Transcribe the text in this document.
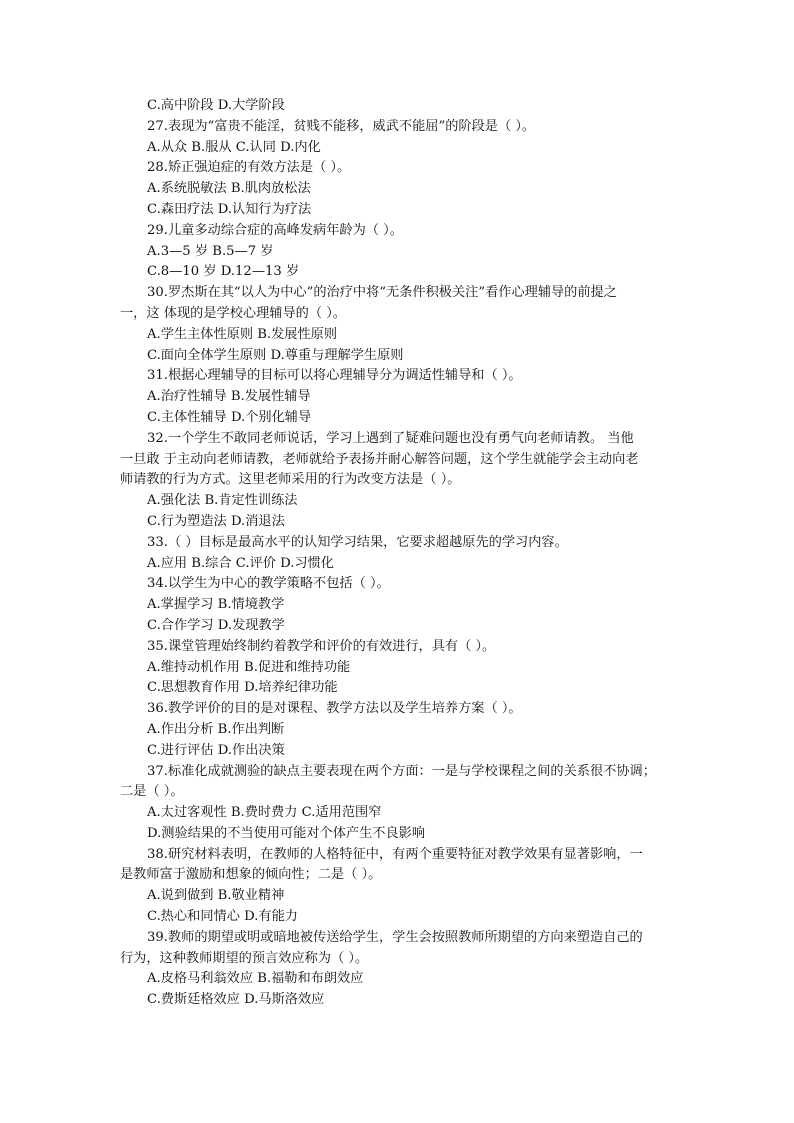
C.高中阶段 D.大学阶段
27.表现为“富贵不能淫，贫贱不能移，威武不能屈”的阶段是（ ）。
A.从众 B.服从 C.认同 D.内化
28.矫正强迫症的有效方法是（ ）。
A.系统脱敏法 B.肌肉放松法
C.森田疗法 D.认知行为疗法
29.儿童多动综合症的高峰发病年龄为（ ）。
A.3—5 岁 B.5—7 岁
C.8—10 岁 D.12—13 岁
30.罗杰斯在其“以人为中心”的治疗中将“无条件积极关注”看作心理辅导的前提之
一，这 体现的是学校心理辅导的（ ）。
A.学生主体性原则 B.发展性原则
C.面向全体学生原则 D.尊重与理解学生原则
31.根据心理辅导的目标可以将心理辅导分为调适性辅导和（ ）。
A.治疗性辅导 B.发展性辅导
C.主体性辅导 D.个别化辅导
32.一个学生不敢同老师说话，学习上遇到了疑难问题也没有勇气向老师请教。 当他
一旦敢 于主动向老师请教，老师就给予表扬并耐心解答问题，这个学生就能学会主动向老
师请教的行为方式。这里老师采用的行为改变方法是（ ）。
A.强化法 B.肯定性训练法
C.行为塑造法 D.消退法
33.（ ）目标是最高水平的认知学习结果，它要求超越原先的学习内容。
A.应用 B.综合 C.评价 D.习惯化
34.以学生为中心的教学策略不包括（ ）。
A.掌握学习 B.情境教学
C.合作学习 D.发现教学
35.课堂管理始终制约着教学和评价的有效进行，具有（ ）。
A.维持动机作用 B.促进和维持功能
C.思想教育作用 D.培养纪律功能
36.教学评价的目的是对课程、教学方法以及学生培养方案（ ）。
A.作出分析 B.作出判断
C.进行评估 D.作出决策
37.标准化成就测验的缺点主要表现在两个方面：一是与学校课程之间的关系很不协调；
二是（ ）。
A.太过客观性 B.费时费力 C.适用范围窄
D.测验结果的不当使用可能对个体产生不良影响
38.研究材料表明，在教师的人格特征中，有两个重要特征对教学效果有显著影响，一
是教师富于激励和想象的倾向性；二是（ ）。
A.说到做到 B.敬业精神
C.热心和同情心 D.有能力
39.教师的期望或明或暗地被传送给学生，学生会按照教师所期望的方向来塑造自己的
行为，这种教师期望的预言效应称为（ ）。
A.皮格马利翁效应 B.福勒和布朗效应
C.费斯廷格效应 D.马斯洛效应
